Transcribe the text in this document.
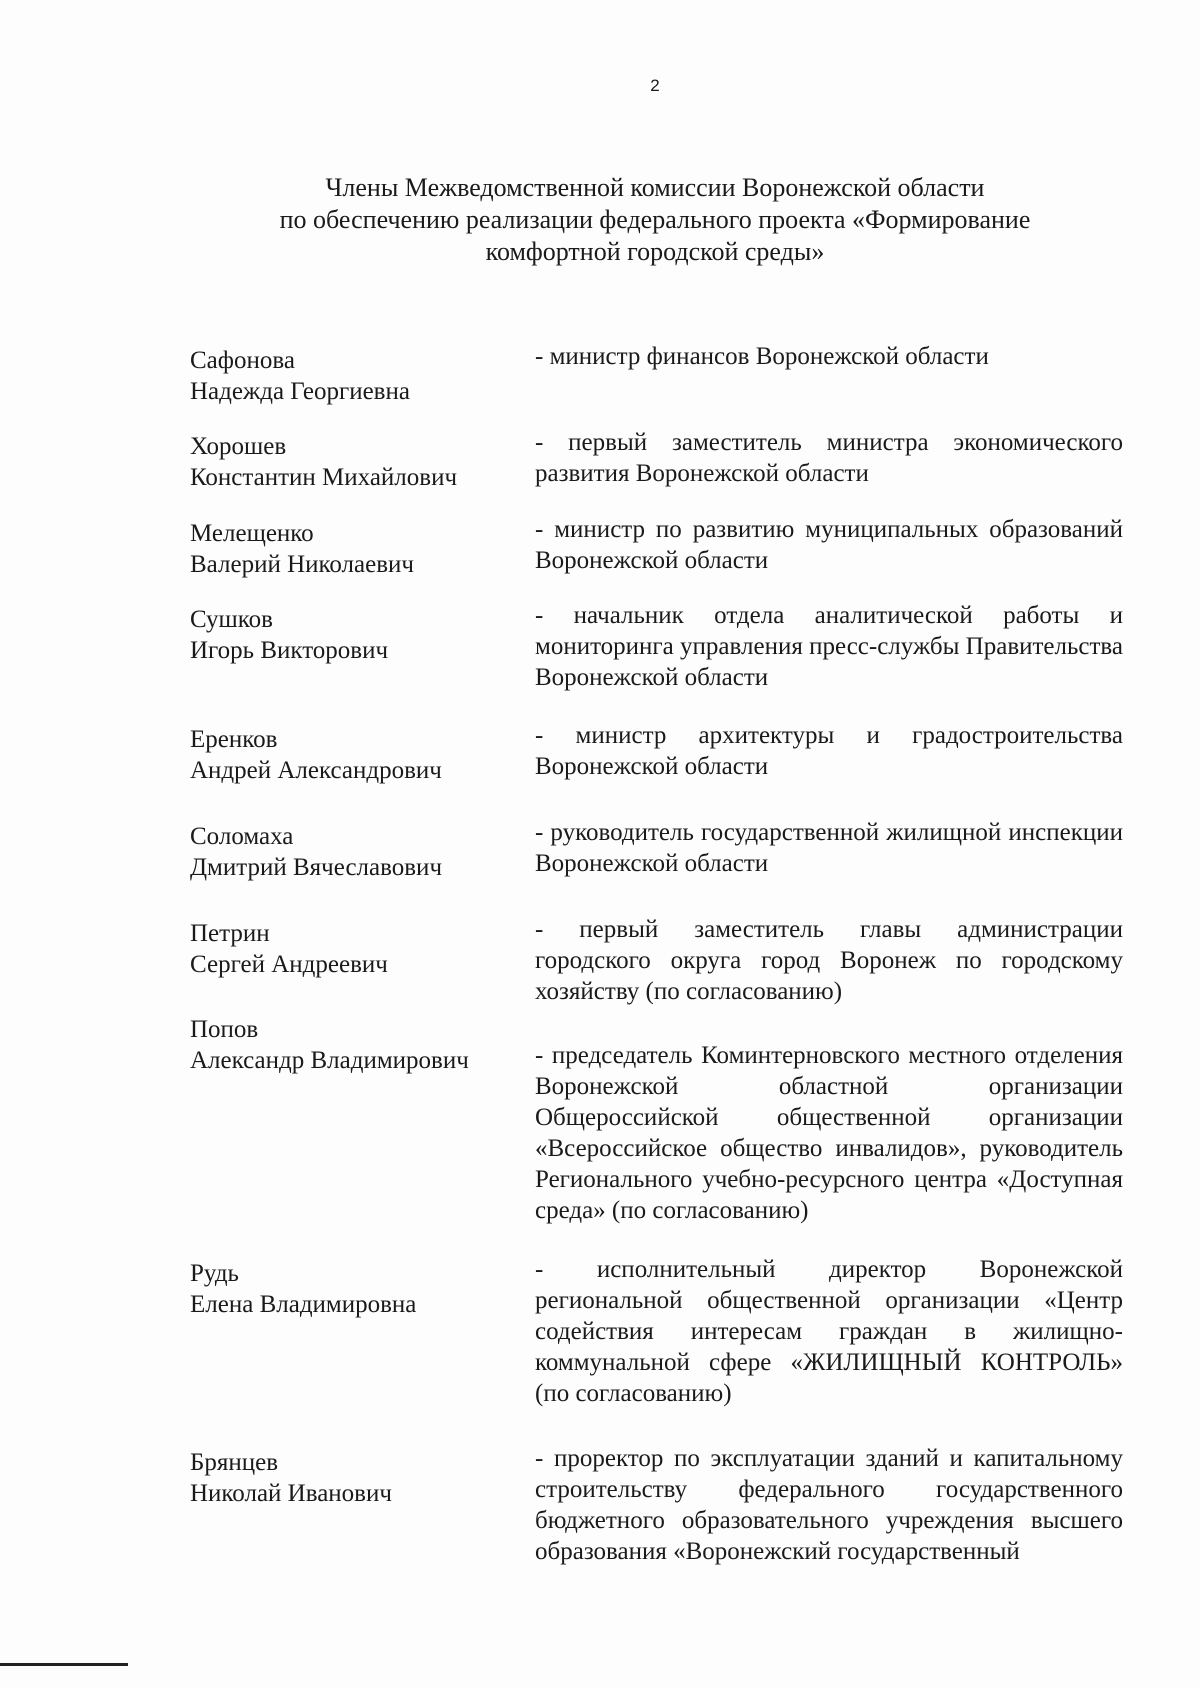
2
Члены Межведомственной комиссии Воронежской области
по обеспечению реализации федерального проекта «Формирование
комфортной городской среды»
Сафонова
Надежда Георгиевна
- министр финансов Воронежской области
Хорошев
Константин Михайлович
- первый заместитель министра экономического развития Воронежской области
Мелещенко
Валерий Николаевич
- министр по развитию муниципальных образований Воронежской области
Сушков
Игорь Викторович
- начальник отдела аналитической работы и мониторинга управления пресс-службы Правительства Воронежской области
Еренков
Андрей Александрович
- министр архитектуры и градостроительства Воронежской области
Соломаха
Дмитрий Вячеславович
- руководитель государственной жилищной инспекции Воронежской области
Петрин
Сергей Андреевич
- первый заместитель главы администрации городского округа город Воронеж по городскому хозяйству (по согласованию)
Попов
Александр Владимирович	- председатель Коминтерновского местного отделения Воронежской областной организации Общероссийской общественной организации «Всероссийское общество инвалидов», руководитель Регионального учебно-ресурсного центра «Доступная среда» (по согласованию)
Рудь
Елена Владимировна
- исполнительный директор Воронежской региональной общественной организации «Центр содействия интересам граждан в жилищно-коммунальной сфере «ЖИЛИЩНЫЙ КОНТРОЛЬ» (по согласованию)
Брянцев
Николай Иванович
- проректор по эксплуатации зданий и капитальному строительству федерального государственного бюджетного образовательного учреждения высшего образования «Воронежский государственный
